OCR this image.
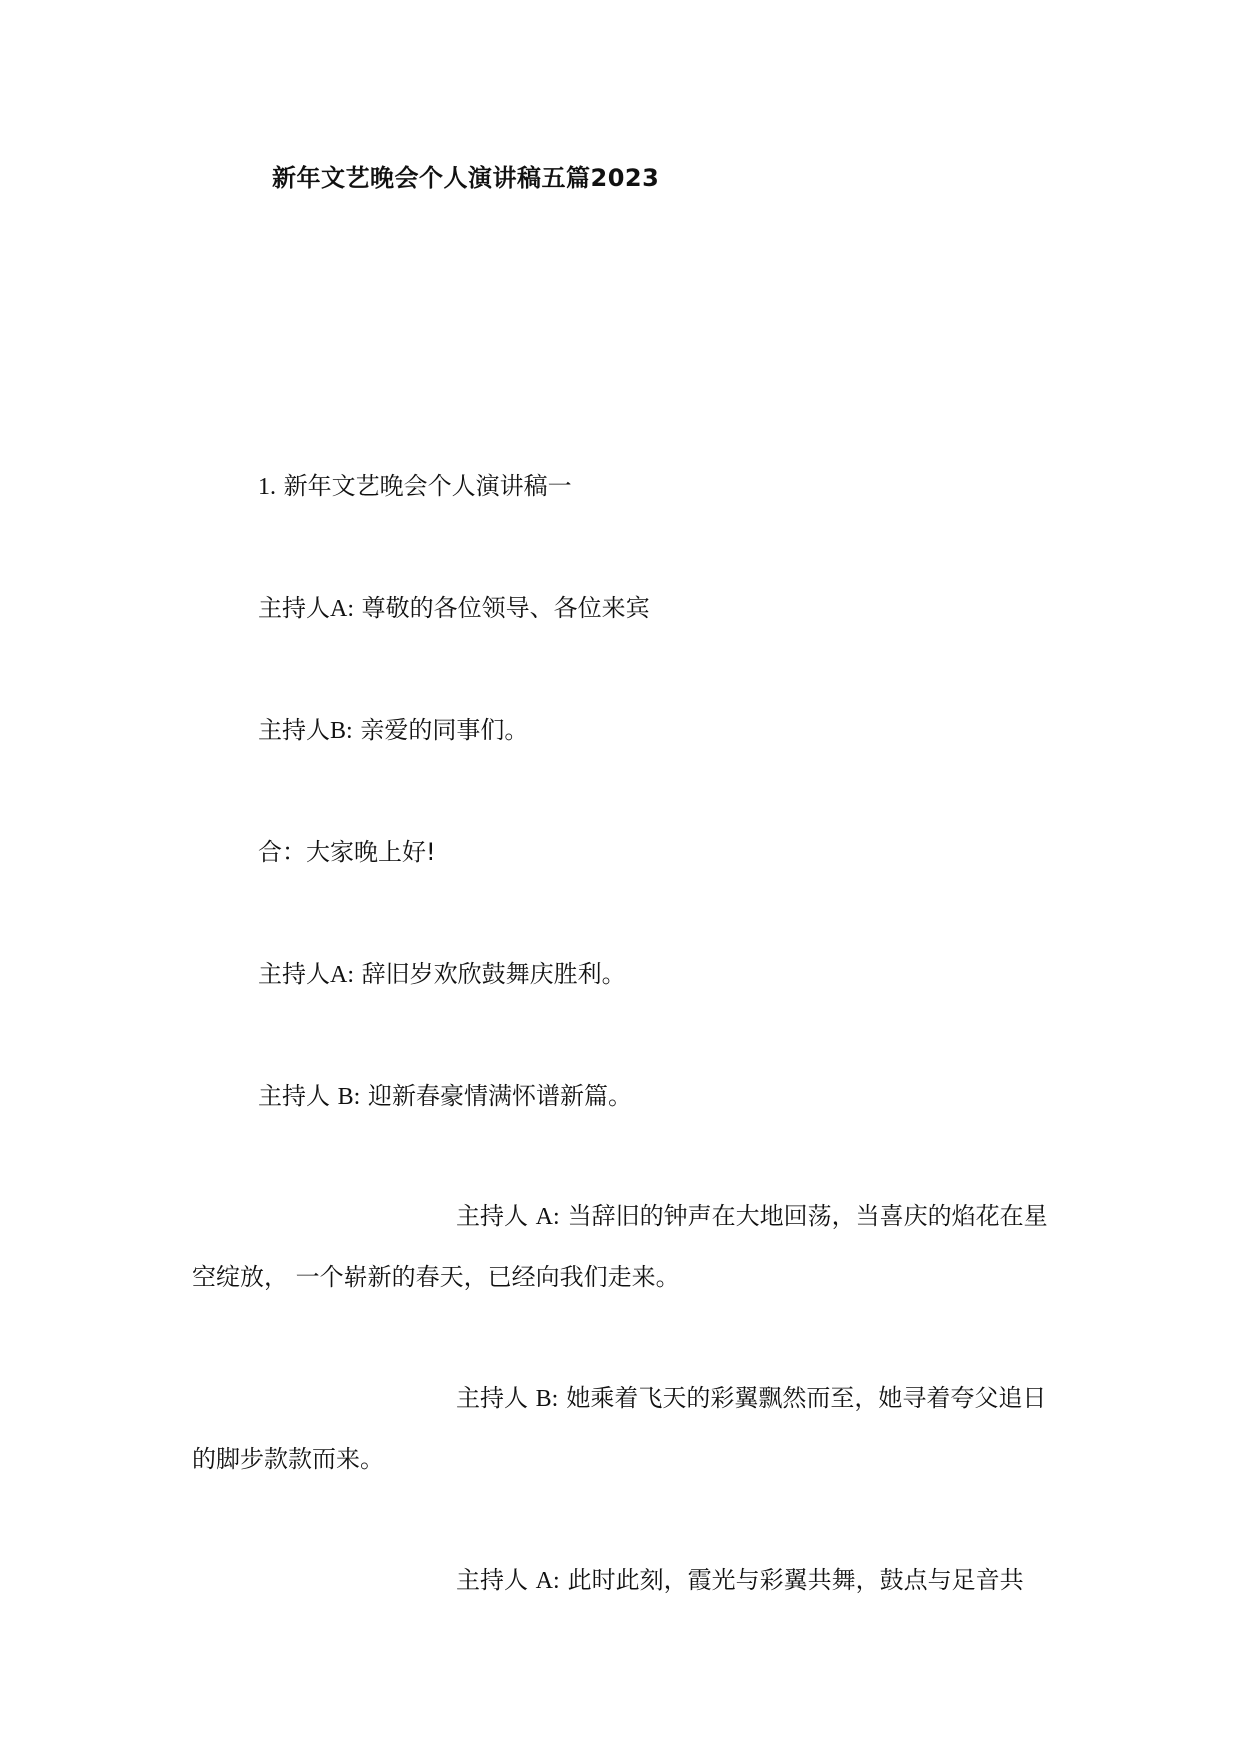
新年文艺晚会个人演讲稿五篇2023
1. 新年文艺晚会个人演讲稿一
主持人A: 尊敬的各位领导、各位来宾
主持人B: 亲爱的同事们。
合：大家晚上好!
主持人A: 辞旧岁欢欣鼓舞庆胜利。
主持人 B: 迎新春豪情满怀谱新篇。
主持人 A: 当辞旧的钟声在大地回荡，当喜庆的焰花在星空绽放， 一个崭新的春天，已经向我们走来。
主持人 B: 她乘着飞天的彩翼飘然而至，她寻着夸父追日的脚步款款而来。
主持人 A: 此时此刻，霞光与彩翼共舞，鼓点与足音共
